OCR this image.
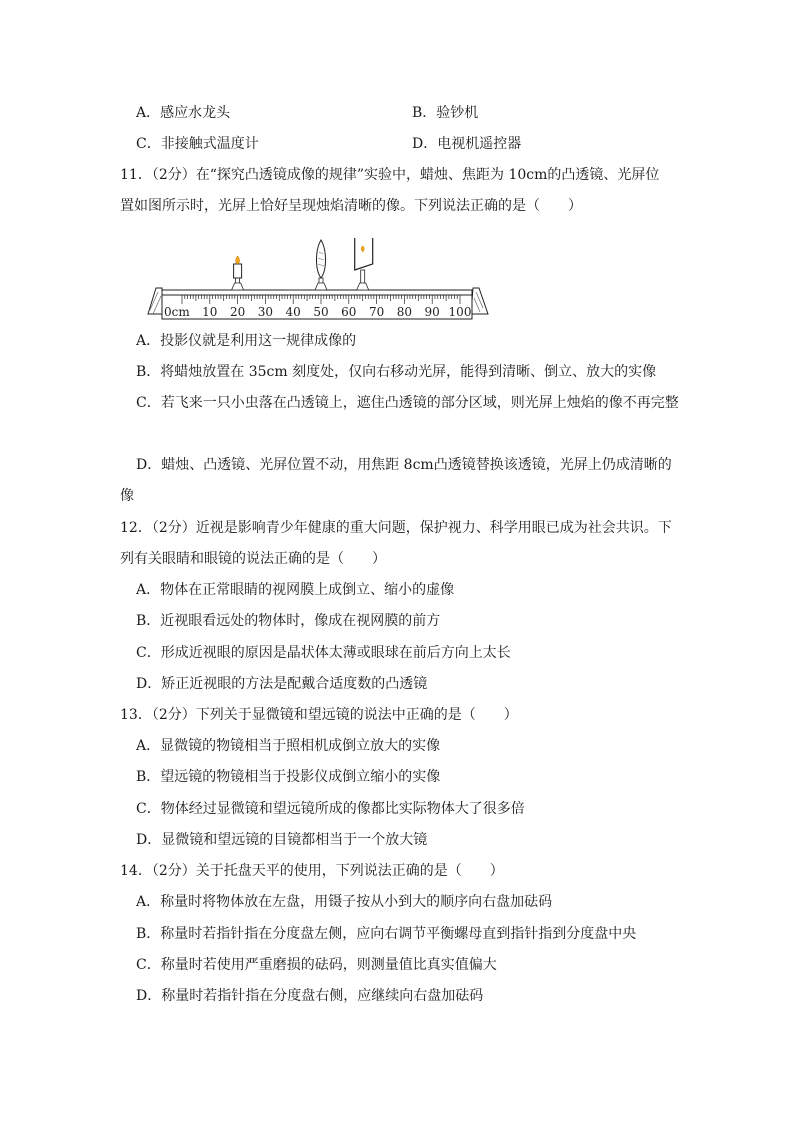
A．感应水龙头	B．验钞机
C．非接触式温度计	D．电视机遥控器
11．（2分）在“探究凸透镜成像的规律”实验中，蜡烛、焦距为 10cm的凸透镜、光屏位
置如图所示时，光屏上恰好呈现烛焰清晰的像。下列说法正确的是（　　）
0cm 10 20 30 40 50 60 70 80 90 100
A．投影仪就是利用这一规律成像的
B．将蜡烛放置在 35cm 刻度处，仅向右移动光屏，能得到清晰、倒立、放大的实像
C．若飞来一只小虫落在凸透镜上，遮住凸透镜的部分区域，则光屏上烛焰的像不再完整
D．蜡烛、凸透镜、光屏位置不动，用焦距 8cm凸透镜替换该透镜，光屏上仍成清晰的
像
12．（2分）近视是影响青少年健康的重大问题，保护视力、科学用眼已成为社会共识。下
列有关眼睛和眼镜的说法正确的是（　　）
A．物体在正常眼睛的视网膜上成倒立、缩小的虚像
B．近视眼看远处的物体时，像成在视网膜的前方
C．形成近视眼的原因是晶状体太薄或眼球在前后方向上太长
D．矫正近视眼的方法是配戴合适度数的凸透镜
13．（2分）下列关于显微镜和望远镜的说法中正确的是（　　）
A．显微镜的物镜相当于照相机成倒立放大的实像
B．望远镜的物镜相当于投影仪成倒立缩小的实像
C．物体经过显微镜和望远镜所成的像都比实际物体大了很多倍
D．显微镜和望远镜的目镜都相当于一个放大镜
14．（2分）关于托盘天平的使用，下列说法正确的是（　　）
A．称量时将物体放在左盘，用镊子按从小到大的顺序向右盘加砝码
B．称量时若指针指在分度盘左侧，应向右调节平衡螺母直到指针指到分度盘中央
C．称量时若使用严重磨损的砝码，则测量值比真实值偏大
D．称量时若指针指在分度盘右侧，应继续向右盘加砝码
